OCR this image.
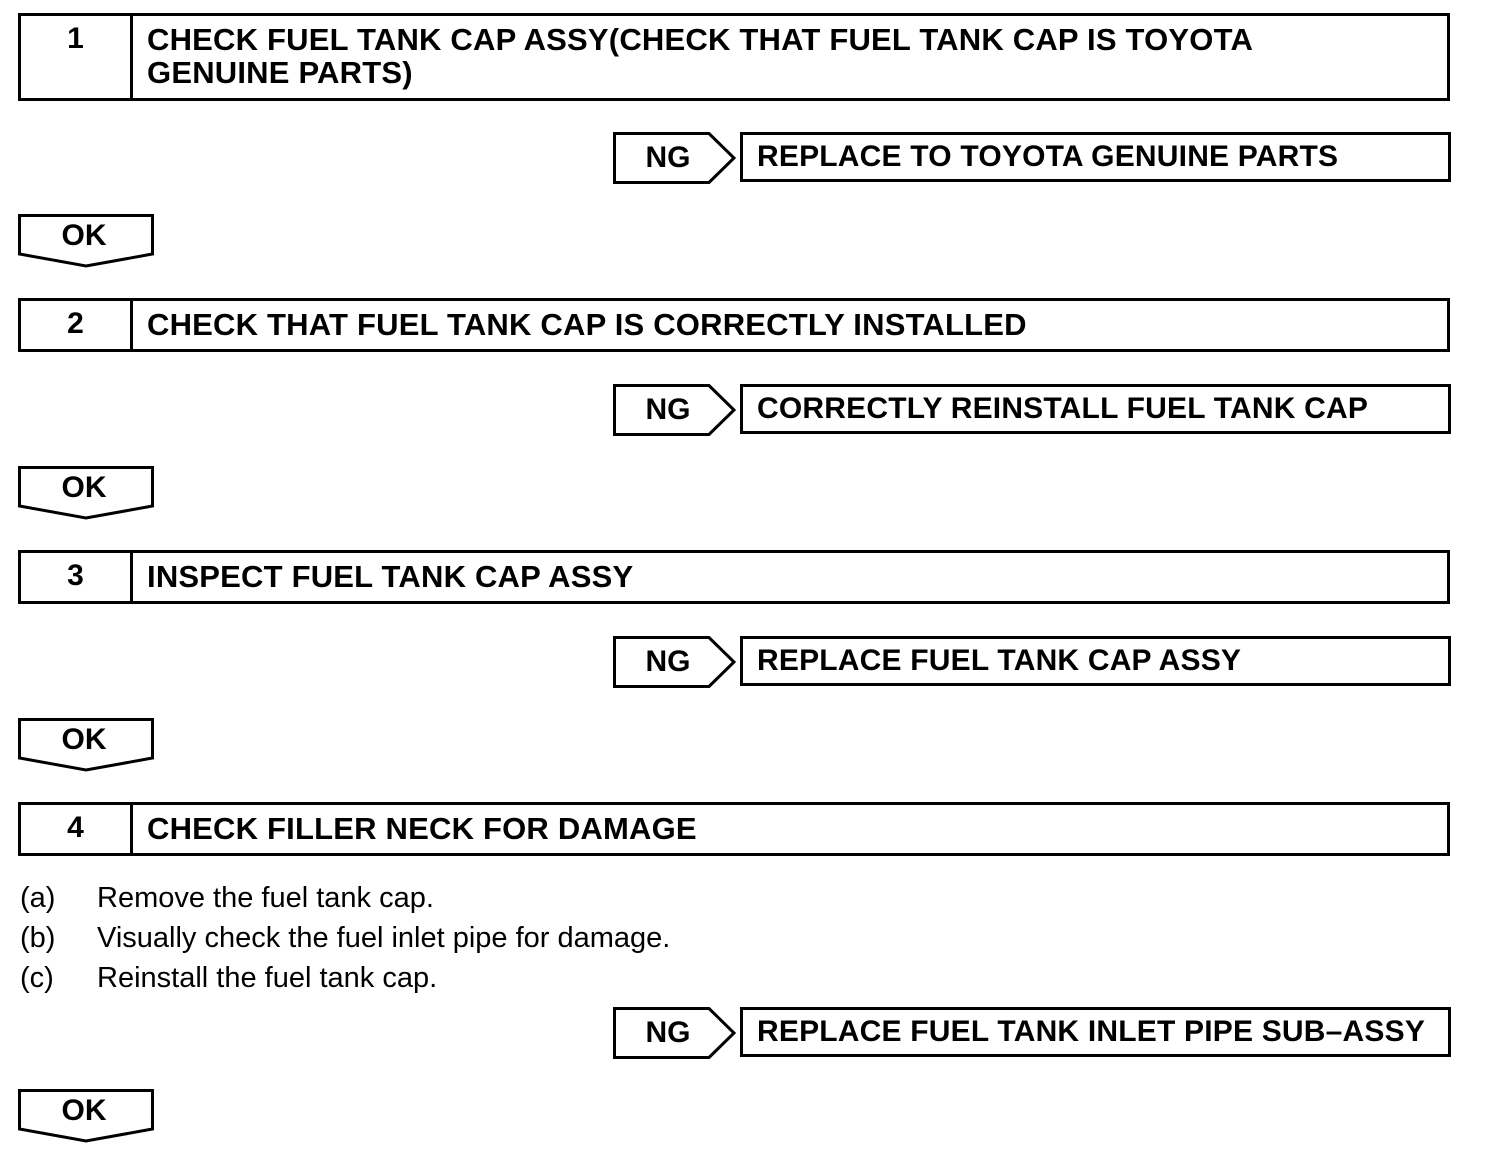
1	CHECK FUEL TANK CAP ASSY(CHECK THAT FUEL TANK CAP IS TOYOTA GENUINE PARTS)
NG	REPLACE TO TOYOTA GENUINE PARTS
OK
2	CHECK THAT FUEL TANK CAP IS CORRECTLY INSTALLED
NG	CORRECTLY REINSTALL FUEL TANK CAP
OK
3	INSPECT FUEL TANK CAP ASSY
NG	REPLACE FUEL TANK CAP ASSY
OK
4	CHECK FILLER NECK FOR DAMAGE
(a)	Remove the fuel tank cap.
(b)	Visually check the fuel inlet pipe for damage.
(c)	Reinstall the fuel tank cap.
NG	REPLACE FUEL TANK INLET PIPE SUB–ASSY
OK
